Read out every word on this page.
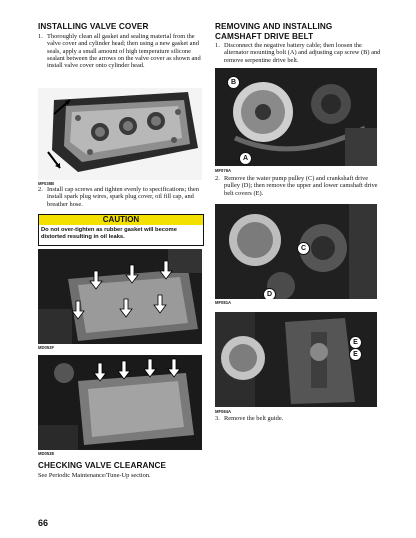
INSTALLING VALVE COVER
1. Thoroughly clean all gasket and sealing material from the valve cover and cylinder head; then using a new gasket and seals, apply a small amount of high temperature silicone sealant between the arrows on the valve cover as shown and install valve cover onto cylinder head.
MF035B
2. Install cap screws and tighten evenly to specifications; then install spark plug wires, spark plug cover, oil fill cap, and breather hose.
CAUTION
Do not over-tighten as rubber gasket will become distorted resulting in oil leaks.
MD053F
MD053E
CHECKING VALVE CLEARANCE
See Periodic Maintenance/Tune-Up section.
66
REMOVING AND INSTALLING
CAMSHAFT DRIVE BELT
1. Disconnect the negative battery cable; then loosen the alternator mounting bolt (A) and adjusting cap screw (B) and remove serpentine drive belt.
B
A
MF076A
2. Remove the water pump pulley (C) and crankshaft drive pulley (D); then remove the upper and lower camshaft drive belt covers (E).
C
D
MF081A
E
E
MF084A
3. Remove the belt guide.
